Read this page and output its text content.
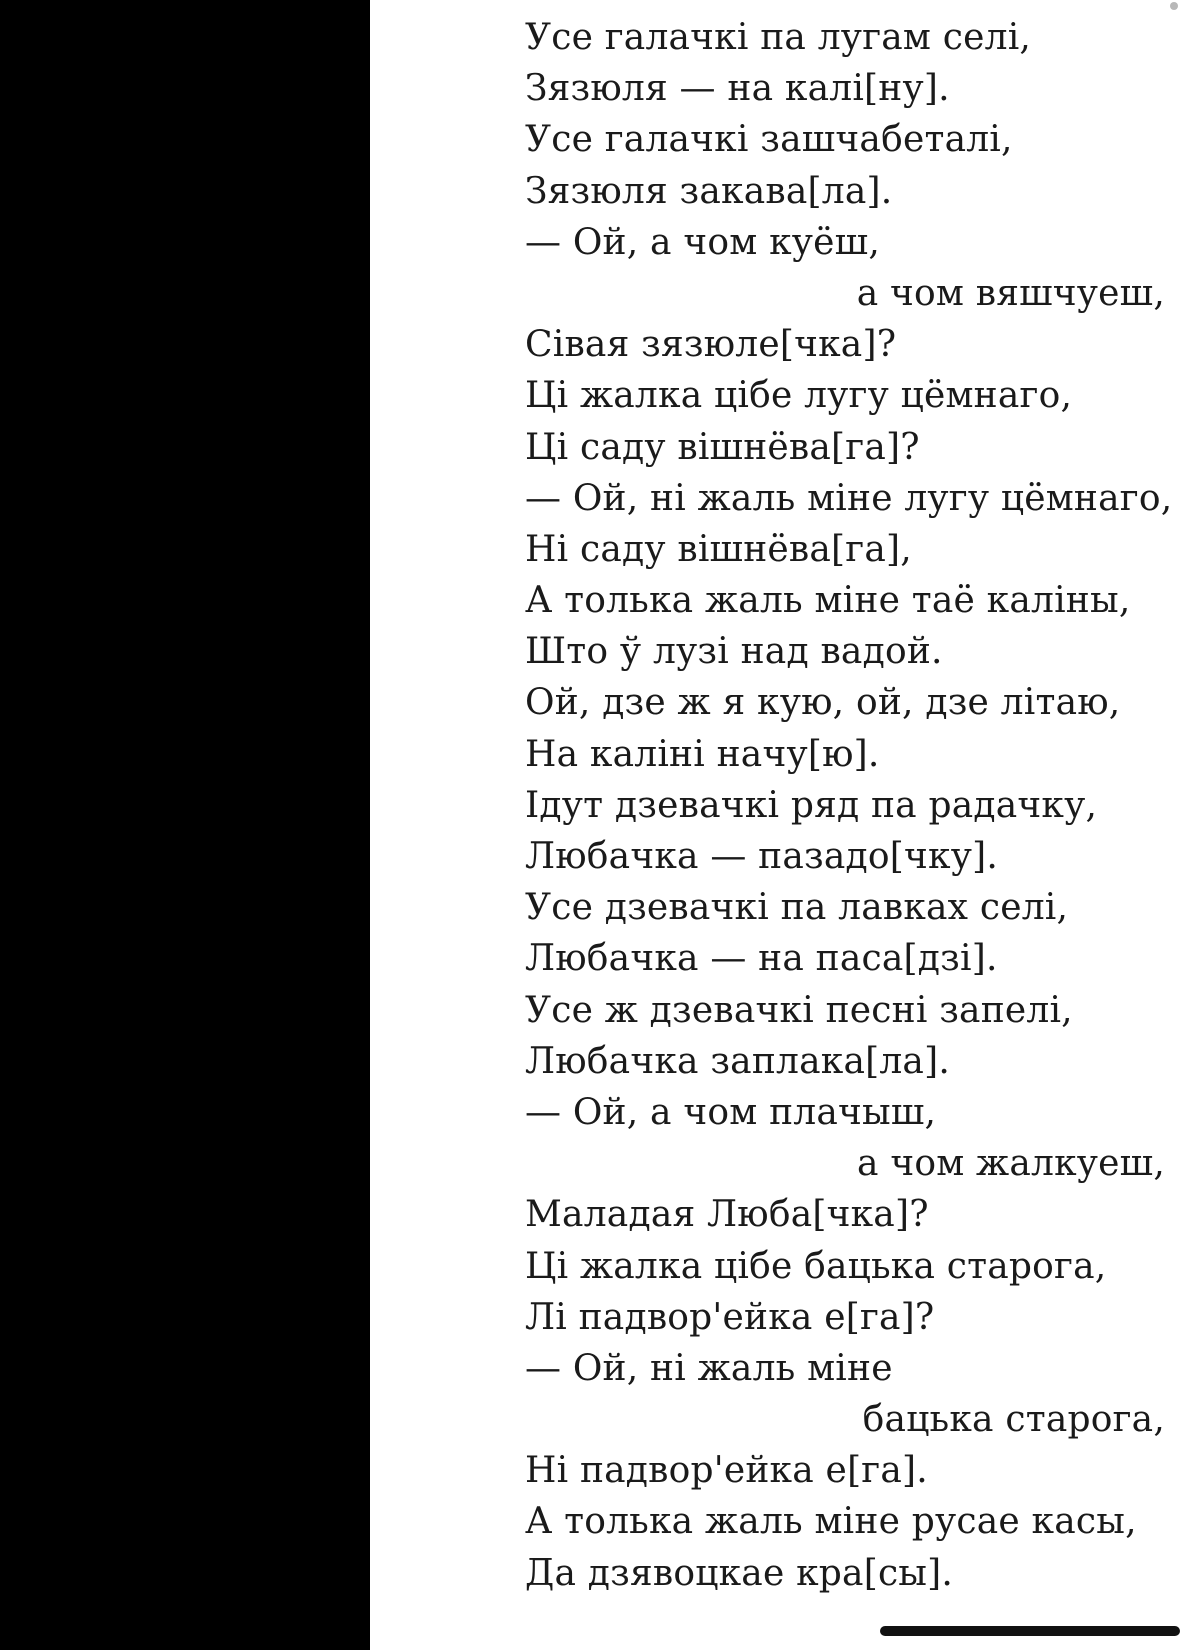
Усе галачкі па лугам селі,
Зязюля — на калі[ну].
Усе галачкі зашчабеталі,
Зязюля закава[ла].
— Ой, а чом куёш,
а чом вяшчуеш,
Сівая зязюле[чка]?
Ці жалка цібе лугу цёмнаго,
Ці саду вішнёва[га]?
— Ой, ні жаль міне лугу цёмнаго,
Ні саду вішнёва[га],
А толька жаль міне таё каліны,
Што ў лузі над вадой.
Ой, дзе ж я кую, ой, дзе літаю,
На каліні начу[ю].
Ідут дзевачкі ряд па радачку,
Любачка — пазадо[чку].
Усе дзевачкі па лавках селі,
Любачка — на паса[дзі].
Усе ж дзевачкі песні запелі,
Любачка заплака[ла].
— Ой, а чом плачыш,
а чом жалкуеш,
Маладая Люба[чка]?
Ці жалка цібе бацька старога,
Лі падвор'ейка е[га]?
— Ой, ні жаль міне
бацька старога,
Ні падвор'ейка е[га].
А толька жаль міне русае касы,
Да дзявоцкае кра[сы].
